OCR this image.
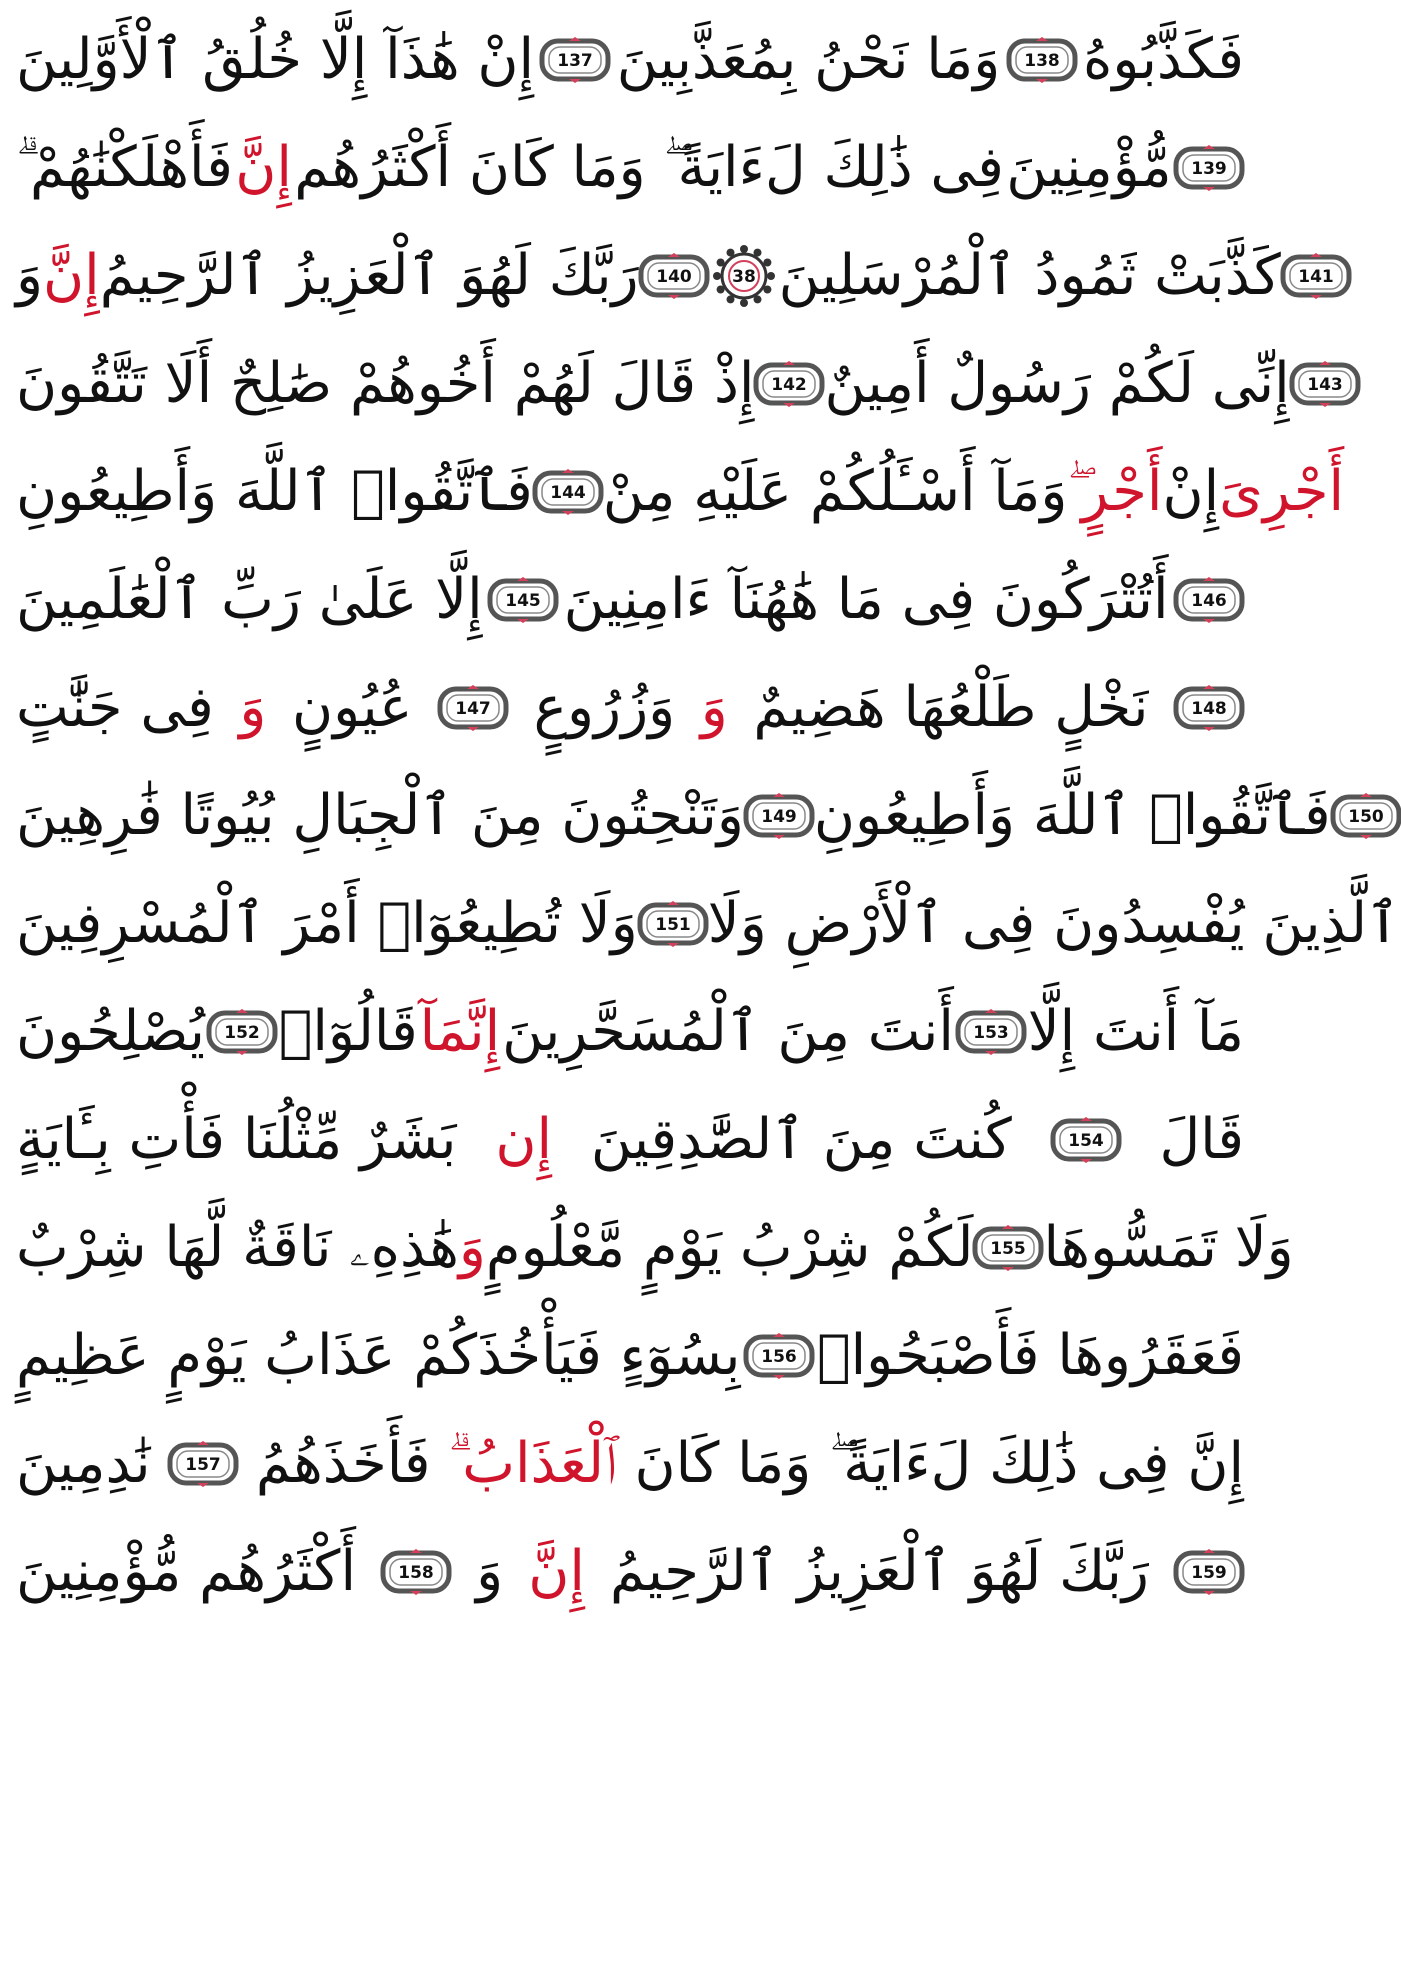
إِنْ هَٰذَآ إِلَّا خُلُقُ ٱلْأَوَّلِينَ 137 وَمَا نَحْنُ بِمُعَذَّبِينَ 138 فَكَذَّبُوهُ
فَأَهْلَكْنَٰهُمْ ۗ إِنَّ فِى ذَٰلِكَ لَءَايَةً ۖ وَمَا كَانَ أَكْثَرُهُم مُّؤْمِنِينَ 139
وَ إِنَّ رَبَّكَ لَهُوَ ٱلْعَزِيزُ ٱلرَّحِيمُ 140 38 كَذَّبَتْ ثَمُودُ ٱلْمُرْسَلِينَ 141
إِذْ قَالَ لَهُمْ أَخُوهُمْ صَٰلِحٌ أَلَا تَتَّقُونَ 142 إِنِّى لَكُمْ رَسُولٌ أَمِينٌ 143
فَٱتَّقُوا۟ ٱللَّهَ وَأَطِيعُونِ 144 وَمَآ أَسْـَٔلُكُمْ عَلَيْهِ مِنْ أَجْرٍ ۖ إِنْ أَجْرِىَ
إِلَّا عَلَىٰ رَبِّ ٱلْعَٰلَمِينَ 145 أَتُتْرَكُونَ فِى مَا هَٰهُنَآ ءَامِنِينَ 146
فِى جَنَّٰتٍ وَ عُيُونٍ	147 وَزُرُوعٍ وَ نَخْلٍ طَلْعُهَا هَضِيمٌ	148
وَتَنْحِتُونَ مِنَ ٱلْجِبَالِ بُيُوتًا فَٰرِهِينَ 149 فَٱتَّقُوا۟ ٱللَّهَ وَأَطِيعُونِ 150
وَلَا تُطِيعُوٓا۟ أَمْرَ ٱلْمُسْرِفِينَ 151 ٱلَّذِينَ يُفْسِدُونَ فِى ٱلْأَرْضِ وَلَا
يُصْلِحُونَ 152 قَالُوٓا۟ إِنَّمَآ أَنتَ مِنَ ٱلْمُسَحَّرِينَ 153 مَآ أَنتَ إِلَّا
بَشَرٌ مِّثْلُنَا فَأْتِ بِـَٔايَةٍ إِن كُنتَ مِنَ ٱلصَّٰدِقِينَ	154 قَالَ
هَٰذِهِۦ نَاقَةٌ لَّهَا شِرْبٌ وَ لَكُمْ شِرْبُ يَوْمٍ مَّعْلُومٍ 155 وَلَا تَمَسُّوهَا
بِسُوٓءٍ فَيَأْخُذَكُمْ عَذَابُ يَوْمٍ عَظِيمٍ 156 فَعَقَرُوهَا فَأَصْبَحُوا۟
نَٰدِمِينَ 157 فَأَخَذَهُمُ ٱلْعَذَابُ ۗ إِنَّ فِى ذَٰلِكَ لَءَايَةً ۖ وَمَا كَانَ
أَكْثَرُهُم مُّؤْمِنِينَ 158 وَ إِنَّ رَبَّكَ لَهُوَ ٱلْعَزِيزُ ٱلرَّحِيمُ 159
